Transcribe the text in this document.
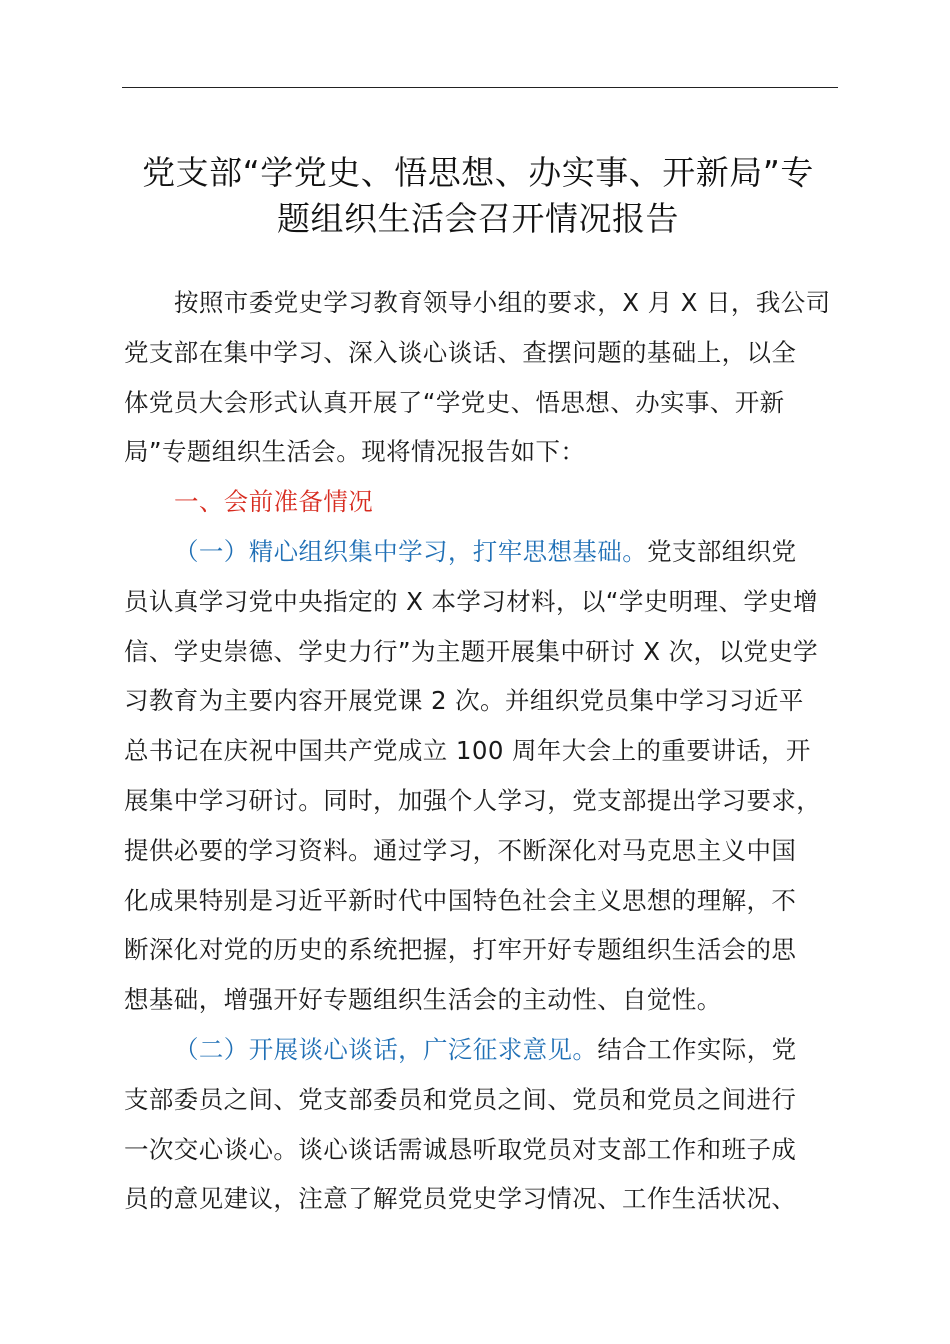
党支部“学党史、悟思想、办实事、开新局”专
题组织生活会召开情况报告
按照市委党史学习教育领导小组的要求，X 月 X 日，我公司
党支部在集中学习、深入谈心谈话、查摆问题的基础上，以全
体党员大会形式认真开展了“学党史、悟思想、办实事、开新
局”专题组织生活会。现将情况报告如下：
一、会前准备情况
（一）精心组织集中学习，打牢思想基础。党支部组织党
员认真学习党中央指定的 X 本学习材料，以“学史明理、学史增
信、学史崇德、学史力行”为主题开展集中研讨 X 次，以党史学
习教育为主要内容开展党课 2 次。并组织党员集中学习习近平
总书记在庆祝中国共产党成立 100 周年大会上的重要讲话，开
展集中学习研讨。同时，加强个人学习，党支部提出学习要求，
提供必要的学习资料。通过学习，不断深化对马克思主义中国
化成果特别是习近平新时代中国特色社会主义思想的理解，不
断深化对党的历史的系统把握，打牢开好专题组织生活会的思
想基础，增强开好专题组织生活会的主动性、自觉性。
（二）开展谈心谈话，广泛征求意见。结合工作实际，党
支部委员之间、党支部委员和党员之间、党员和党员之间进行
一次交心谈心。谈心谈话需诚恳听取党员对支部工作和班子成
员的意见建议，注意了解党员党史学习情况、工作生活状况、
